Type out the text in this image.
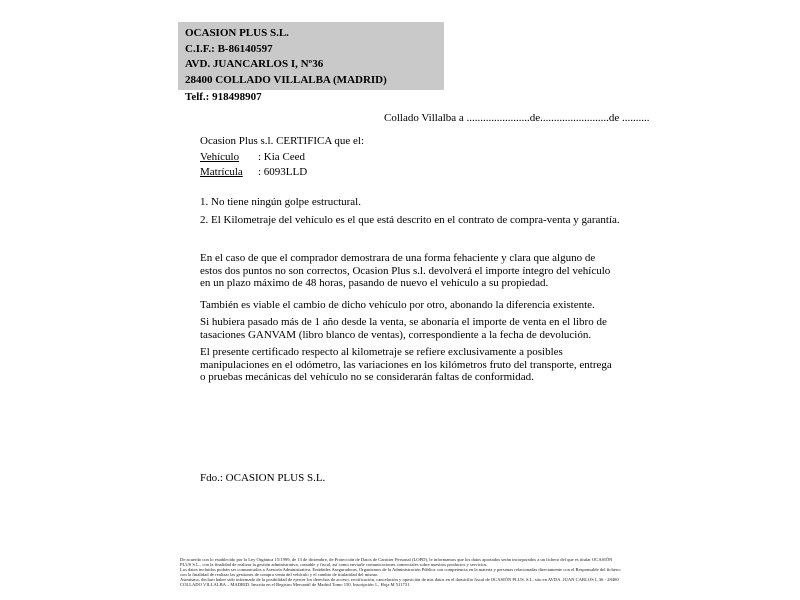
OCASION PLUS S.L.
C.I.F.: B-86140597
AVD. JUANCARLOS I, Nº36
28400 COLLADO VILLALBA (MADRID)
Telf.: 918498907
Collado Villalba a .......................de.........................de ..........
Ocasion Plus s.l. CERTIFICA que el:
Vehículo : Kia Ceed
Matrícula : 6093LLD
1. No tiene ningún golpe estructural.
2. El Kilometraje del vehículo es el que está descrito en el contrato de compra-venta y garantía.
En el caso de que el comprador demostrara de una forma fehaciente y clara que alguno de estos dos puntos no son correctos, Ocasion Plus s.l. devolverá el importe íntegro del vehículo en un plazo máximo de 48 horas, pasando de nuevo el vehículo a su propiedad.
También es viable el cambio de dicho vehículo por otro, abonando la diferencia existente.
Si hubiera pasado más de 1 año desde la venta, se abonaría el importe de venta en el libro de tasaciones GANVAM (libro blanco de ventas), correspondiente a la fecha de devolución.
El presente certificado respecto al kilometraje se refiere exclusivamente a posibles manipulaciones en el odómetro, las variaciones en los kilómetros fruto del transporte, entrega o pruebas mecánicas del vehículo no se considerarán faltas de conformidad.
Fdo.: OCASION PLUS S.L.
De acuerdo con lo establecido por la Ley Orgánica 15/1999, de 13 de diciembre, de Protección de Datos de Carácter Personal (LOPD), le informamos que los datos aportados serán incorporados a un fichero del que es titular OCASIÓN PLUS S.L., con la finalidad de realizar la gestión administrativa, contable y fiscal, así como enviarle comunicaciones comerciales sobre nuestros productos y servicios.
Los datos incluidos podrán ser comunicados a Asesoría Administrativa, Entidades Aseguradoras, Organismos de la Administración Pública con competencia en la materia y personas relacionadas directamente con el Responsable del fichero; con la finalidad de realizar las gestiones de compra venta del vehículo y el cambio de titularidad del mismo.
Asimismo, declaro haber sido informado de la posibilidad de ejercer los derechos de acceso, rectificación, cancelación y oposición de mis datos en el domicilio fiscal de OCASIÓN PLUS, S.L. sito en AVDA. JUAN CARLOS I, 36 - 28400 COLLADO VILLALBA – MADRID. Inscrita en el Registro Mercantil de Madrid Tomo 150, Inscripción 1., Hoja M 511731
